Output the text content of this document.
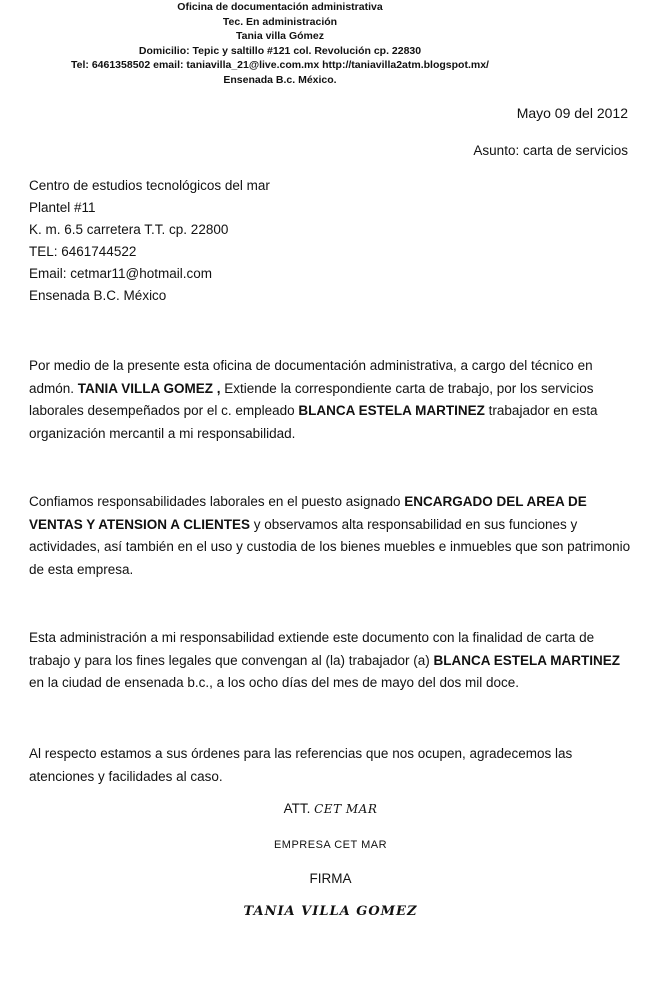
Oficina de documentación administrativa
Tec. En administración
Tania villa Gómez
Domicilio: Tepic y saltillo #121 col. Revolución cp. 22830
Tel: 6461358502 email: taniavilla_21@live.com.mx http://taniavilla2atm.blogspot.mx/
Ensenada B.c. México.
Mayo 09 del 2012
Asunto: carta de servicios
Centro de estudios tecnológicos del mar
Plantel #11
K. m. 6.5 carretera T.T. cp. 22800
TEL: 6461744522
Email: cetmar11@hotmail.com
Ensenada B.C. México
Por medio de la presente esta oficina de documentación administrativa, a cargo del técnico en admón. TANIA VILLA GOMEZ , Extiende la correspondiente carta de trabajo, por los servicios laborales desempeñados por el c. empleado BLANCA ESTELA MARTINEZ trabajador en esta organización mercantil a mi responsabilidad.
Confiamos responsabilidades laborales en el puesto asignado ENCARGADO DEL AREA DE VENTAS Y ATENSION A CLIENTES y observamos alta responsabilidad en sus funciones y actividades, así también en el uso y custodia de los bienes muebles e inmuebles que son patrimonio de esta empresa.
Esta administración a mi responsabilidad extiende este documento con la finalidad de carta de trabajo y para los fines legales que convengan al (la) trabajador (a) BLANCA ESTELA MARTINEZ en la ciudad de ensenada b.c., a los ocho días del mes de mayo del dos mil doce.
Al respecto estamos a sus órdenes para las referencias que nos ocupen, agradecemos las atenciones y facilidades al caso.
ATT. CET MAR
EMPRESA CET MAR
FIRMA
TANIA VILLA GOMEZ
